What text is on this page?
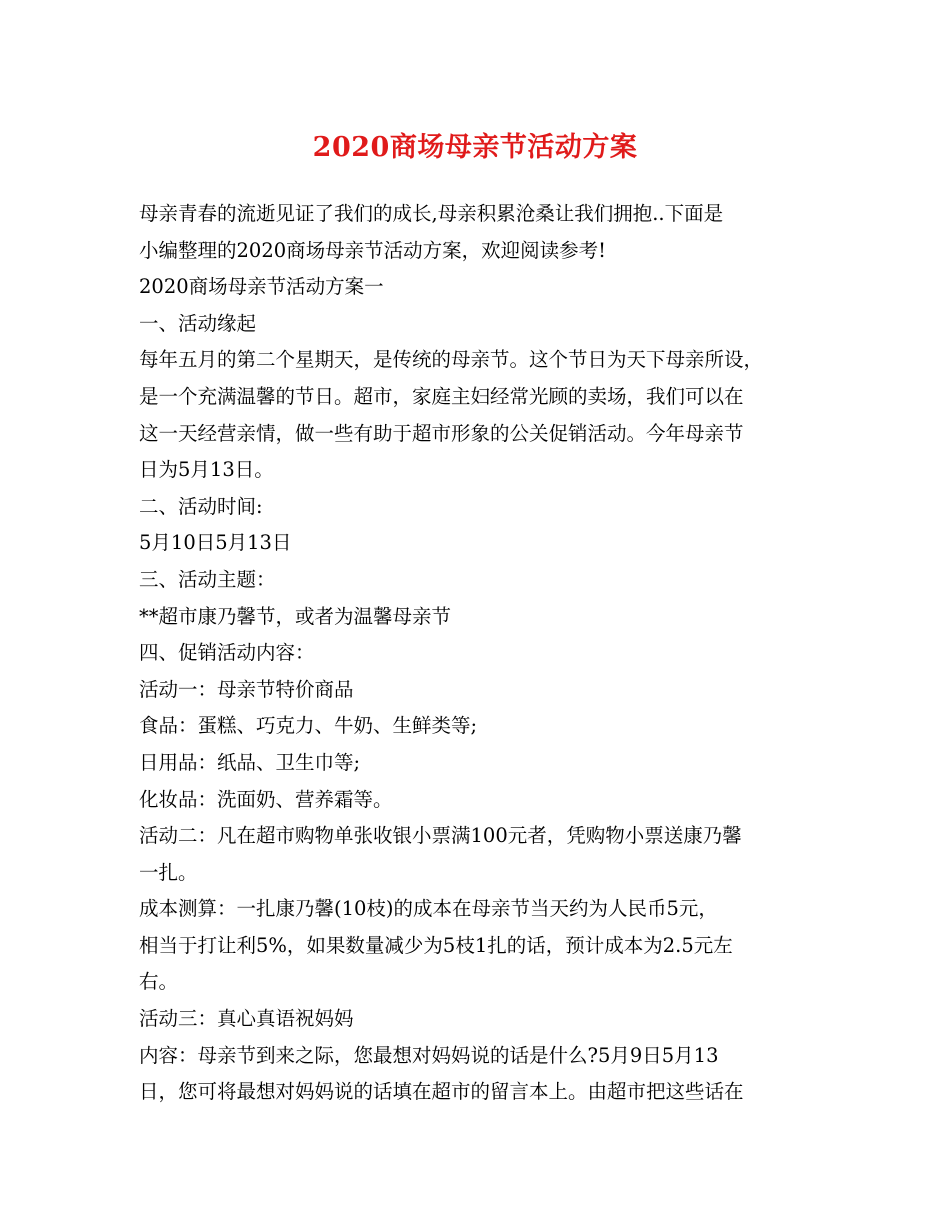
2020商场母亲节活动方案

母亲青春的流逝见证了我们的成长,母亲积累沧桑让我们拥抱..下面是

小编整理的2020商场母亲节活动方案，欢迎阅读参考!

2020商场母亲节活动方案一

一、活动缘起

每年五月的第二个星期天，是传统的母亲节。这个节日为天下母亲所设，

是一个充满温馨的节日。超市，家庭主妇经常光顾的卖场，我们可以在

这一天经营亲情，做一些有助于超市形象的公关促销活动。今年母亲节

日为5月13日。

二、活动时间:

5月10日5月13日

三、活动主题：

**超市康乃馨节，或者为温馨母亲节

四、促销活动内容：

活动一：母亲节特价商品

食品：蛋糕、巧克力、牛奶、生鲜类等;

日用品：纸品、卫生巾等;

化妆品：洗面奶、营养霜等。

活动二：凡在超市购物单张收银小票满100元者，凭购物小票送康乃馨

一扎。

成本测算：一扎康乃馨(10枝)的成本在母亲节当天约为人民币5元，

相当于打让利5%，如果数量减少为5枝1扎的话，预计成本为2.5元左

右。

活动三：真心真语祝妈妈

内容：母亲节到来之际，您最想对妈妈说的话是什么?5月9日5月13

日，您可将最想对妈妈说的话填在超市的留言本上。由超市把这些话在
